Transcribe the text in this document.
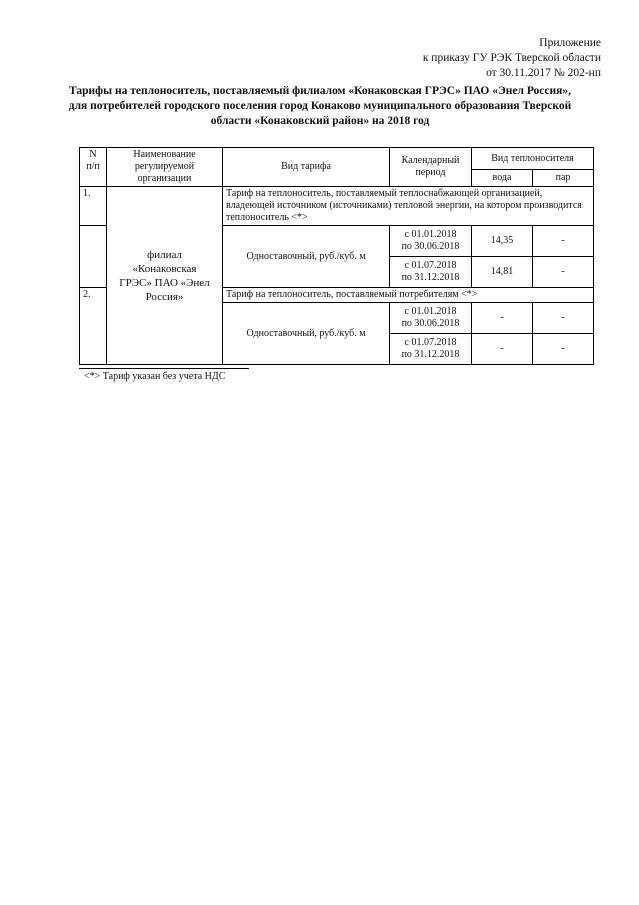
Приложение
к приказу ГУ РЭК Тверской области
от 30.11.2017 № 202-нп
Тарифы на теплоноситель, поставляемый филиалом «Конаковская ГРЭС» ПАО «Энел Россия»,
для потребителей городского поселения город Конаково муниципального образования Тверской
области «Конаковский район» на 2018 год
N
п/п	Наименование
регулируемой
организации	Вид тарифа	Календарный
период	Вид теплоносителя	
				вода	пар
1.	филиал
«Конаковская
ГРЭС» ПАО «Энел
Россия»	Тариф на теплоноситель, поставляемый теплоснабжающей организацией, владеющей источником (источниками) тепловой энергии, на котором производится теплоноситель <*>			
		Одноставочный, руб./куб. м	с 01.01.2018
по 30.06.2018	14,35	-
			с 01.07.2018
по 31.12.2018	14,81	-
2.		Тариф на теплоноситель, поставляемый потребителям <*>			
		Одноставочный, руб./куб. м	с 01.01.2018
по 30.06.2018	-	-
			с 01.07.2018
по 31.12.2018	-	-
<*> Тариф указан без учета НДС
